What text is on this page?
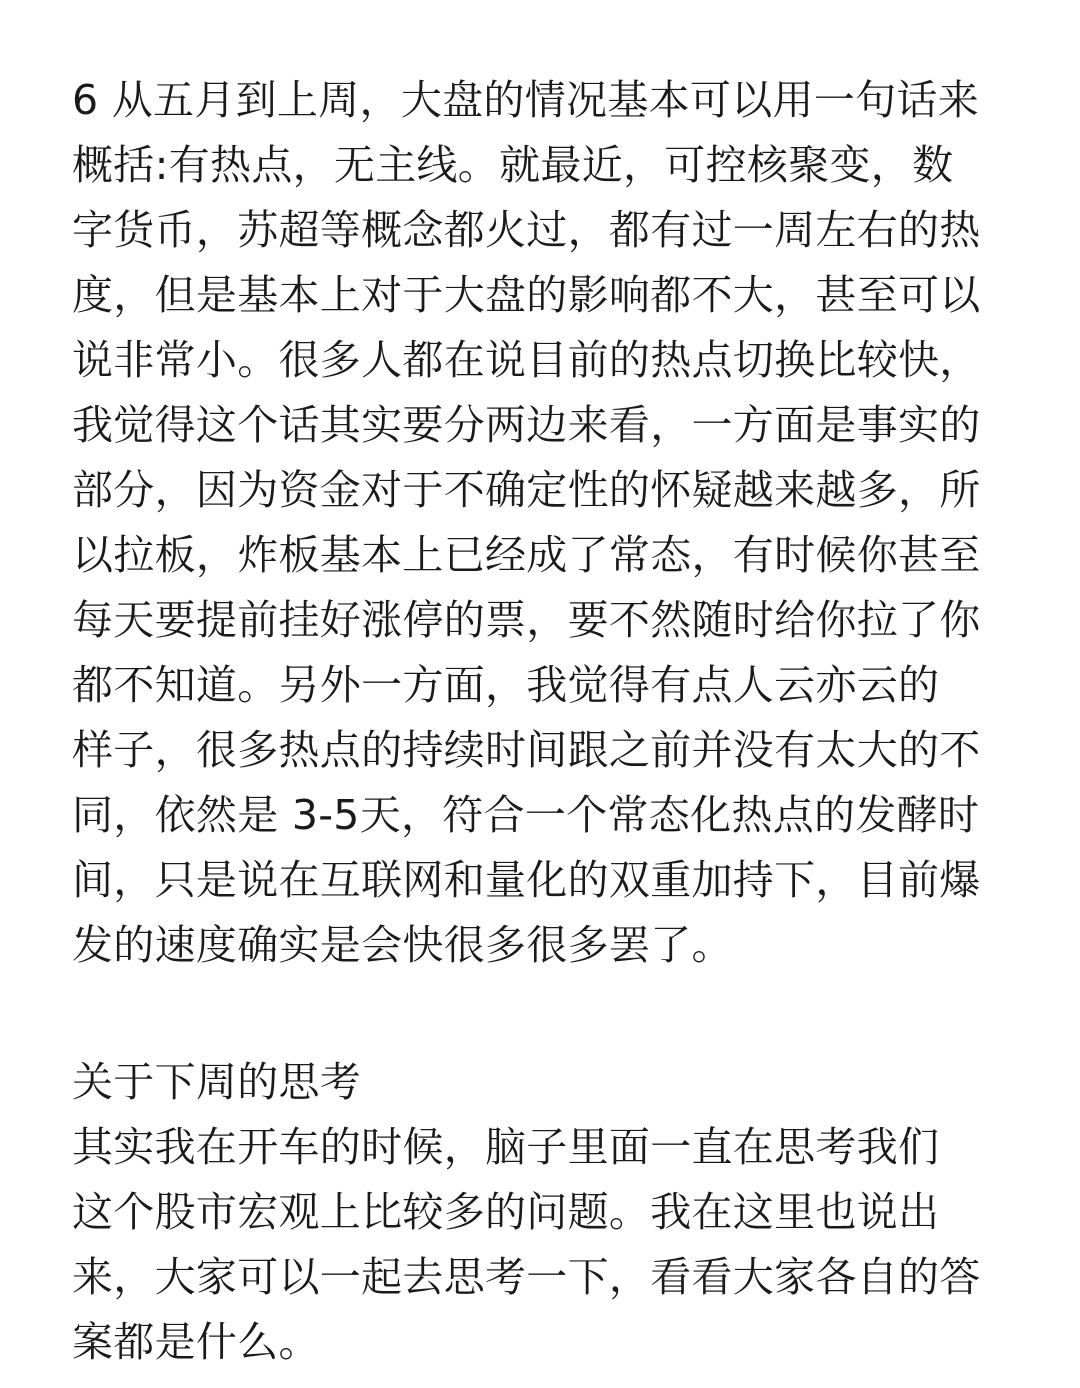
6 从五月到上周，大盘的情况基本可以用一句话来
概括:有热点，无主线。就最近，可控核聚变，数
字货币，苏超等概念都火过，都有过一周左右的热
度，但是基本上对于大盘的影响都不大，甚至可以
说非常小。很多人都在说目前的热点切换比较快，
我觉得这个话其实要分两边来看，一方面是事实的
部分，因为资金对于不确定性的怀疑越来越多，所
以拉板，炸板基本上已经成了常态，有时候你甚至
每天要提前挂好涨停的票，要不然随时给你拉了你
都不知道。另外一方面，我觉得有点人云亦云的
样子，很多热点的持续时间跟之前并没有太大的不
同，依然是 3-5天，符合一个常态化热点的发酵时
间，只是说在互联网和量化的双重加持下，目前爆
发的速度确实是会快很多很多罢了。
关于下周的思考
其实我在开车的时候，脑子里面一直在思考我们
这个股市宏观上比较多的问题。我在这里也说出
来，大家可以一起去思考一下，看看大家各自的答
案都是什么。
